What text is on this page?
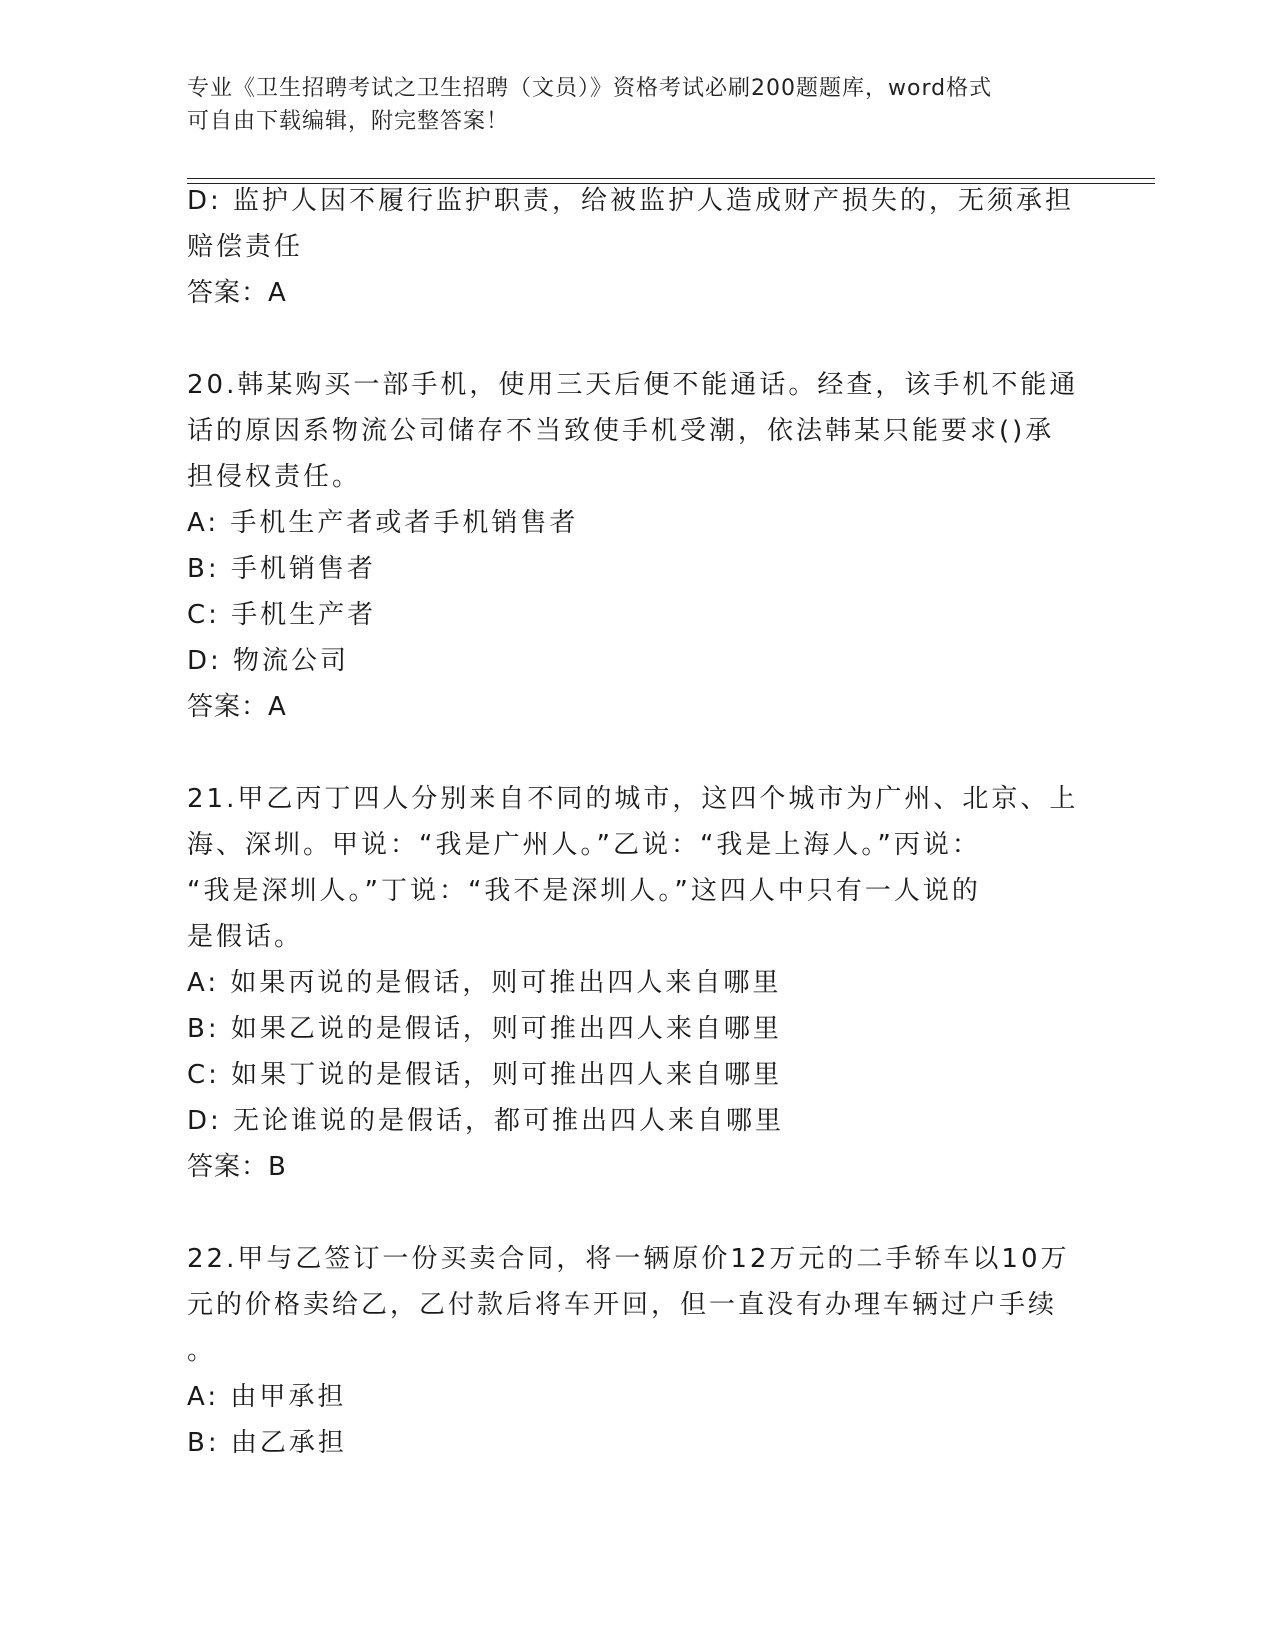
专业《卫生招聘考试之卫生招聘（文员）》资格考试必刷200题题库，word格式
可自由下载编辑，附完整答案！
D: 监护人因不履行监护职责，给被监护人造成财产损失的，无须承担
赔偿责任
答案：A
20.韩某购买一部手机，使用三天后便不能通话。经查，该手机不能通
话的原因系物流公司储存不当致使手机受潮，依法韩某只能要求()承
担侵权责任。
A: 手机生产者或者手机销售者
B: 手机销售者
C: 手机生产者
D: 物流公司
答案：A
21.甲乙丙丁四人分别来自不同的城市，这四个城市为广州、北京、上
海、深圳。甲说：“我是广州人。”乙说：“我是上海人。”丙说：
“我是深圳人。”丁说：“我不是深圳人。”这四人中只有一人说的
是假话。
A: 如果丙说的是假话，则可推出四人来自哪里
B: 如果乙说的是假话，则可推出四人来自哪里
C: 如果丁说的是假话，则可推出四人来自哪里
D: 无论谁说的是假话，都可推出四人来自哪里
答案：B
22.甲与乙签订一份买卖合同，将一辆原价12万元的二手轿车以10万
元的价格卖给乙，乙付款后将车开回，但一直没有办理车辆过户手续
。
A: 由甲承担
B: 由乙承担
